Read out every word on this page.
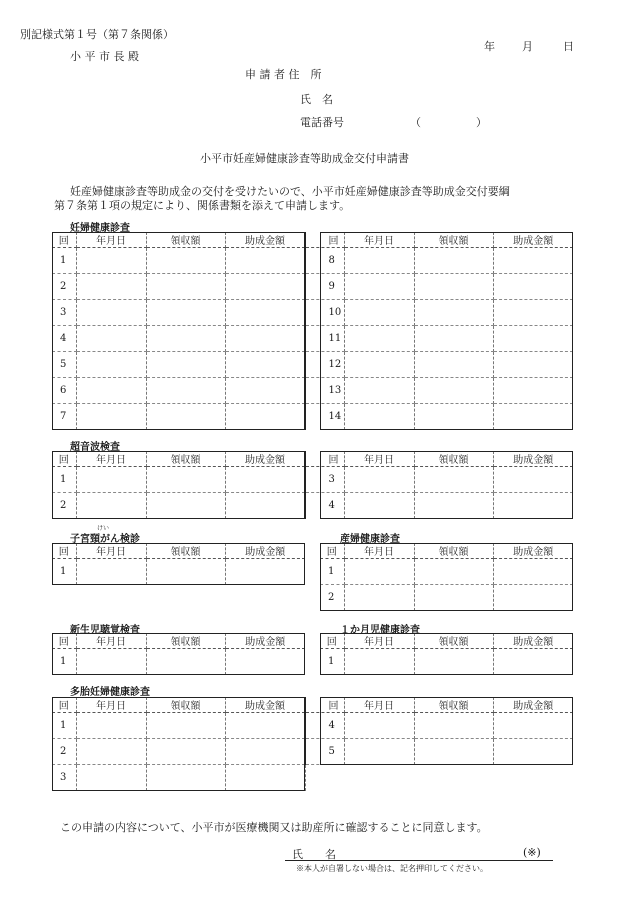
別記様式第１号（第７条関係）
年 月	日
小 平 市 長 殿
申 請 者 住　所
氏　名
電話番号	（　　　　　）
小平市妊産婦健康診査等助成金交付申請書
妊産婦健康診査等助成金の交付を受けたいので、小平市妊産婦健康診査等助成金交付要綱
第７条第１項の規定により、関係書類を添えて申請します。
妊婦健康診査
回	年月日	領収額	助成金額	回	年月日	領収額	助成金額
1				8			
2				9			
3				10			
4				11			
5				12			
6				13			
7				14			
超音波検査
回	年月日	領収額	助成金額	回	年月日	領収額	助成金額
1				3			
2				4			
けい
子宮頸がん検診	産婦健康診査
回	年月日	領収額	助成金額
1			
回	年月日	領収額	助成金額
1			
2			
新生児聴覚検査	１か月児健康診査
回	年月日	領収額	助成金額
1			
回	年月日	領収額	助成金額
1			
多胎妊婦健康診査
回	年月日	領収額	助成金額	回	年月日	領収額	助成金額
1				4			
2				5			
3							
この申請の内容について、小平市が医療機関又は助産所に確認することに同意します。
氏　　名	(※)
※本人が自署しない場合は、記名押印してください。
